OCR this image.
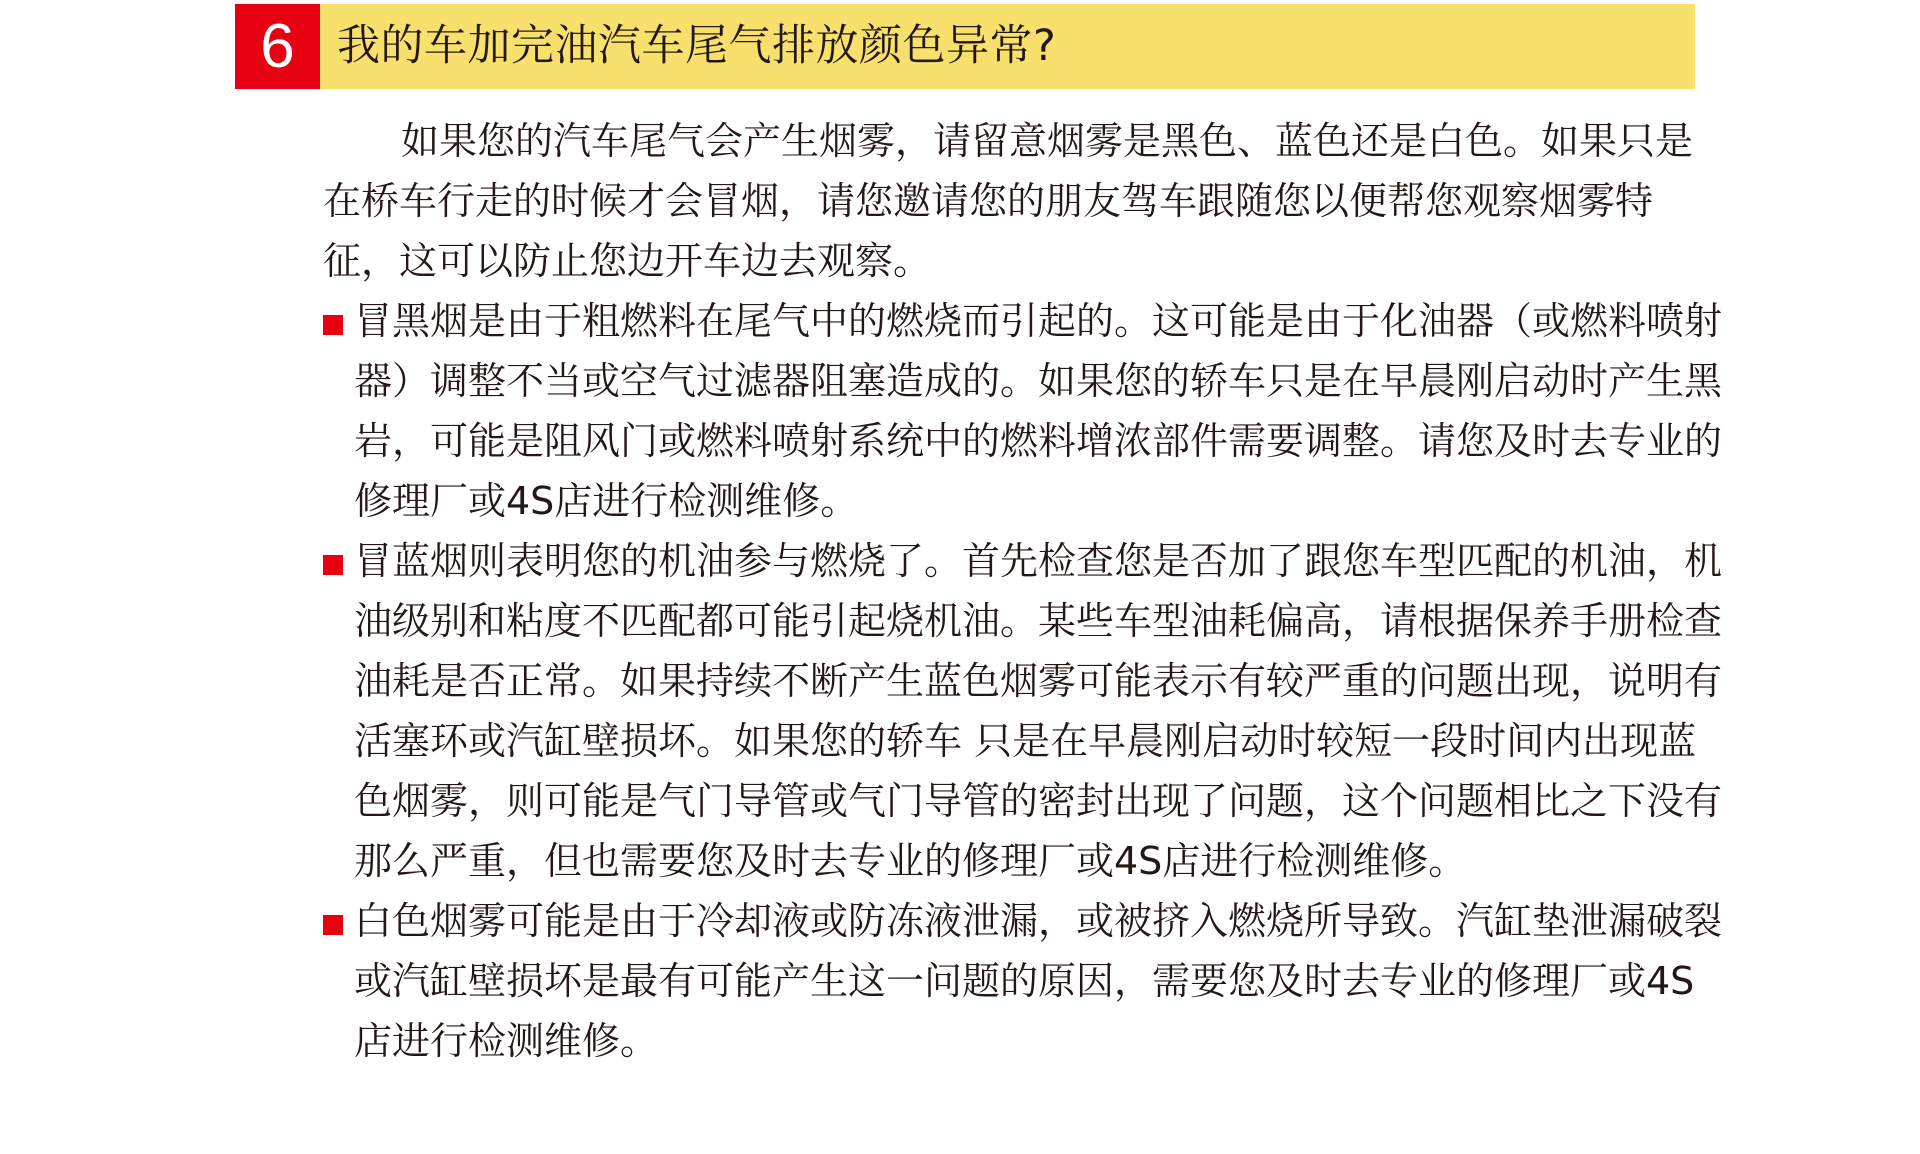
6 我的车加完油汽车尾气排放颜色异常?

如果您的汽车尾气会产生烟雾，请留意烟雾是黑色、蓝色还是白色。如果只是在桥车行走的时候才会冒烟，请您邀请您的朋友驾车跟随您以便帮您观察烟雾特征，这可以防止您边开车边去观察。

冒黑烟是由于粗燃料在尾气中的燃烧而引起的。这可能是由于化油器（或燃料喷射器）调整不当或空气过滤器阻塞造成的。如果您的轿车只是在早晨刚启动时产生黑岩，可能是阻风门或燃料喷射系统中的燃料增浓部件需要调整。请您及时去专业的修理厂或4S店进行检测维修。
冒蓝烟则表明您的机油参与燃烧了。首先检查您是否加了跟您车型匹配的机油，机油级别和粘度不匹配都可能引起烧机油。某些车型油耗偏高，请根据保养手册检查油耗是否正常。如果持续不断产生蓝色烟雾可能表示有较严重的问题出现，说明有活塞环或汽缸壁损坏。如果您的轿车 只是在早晨刚启动时较短一段时间内出现蓝色烟雾，则可能是气门导管或气门导管的密封出现了问题，这个问题相比之下没有那么严重，但也需要您及时去专业的修理厂或4S店进行检测维修。
白色烟雾可能是由于冷却液或防冻液泄漏，或被挤入燃烧所导致。汽缸垫泄漏破裂或汽缸壁损坏是最有可能产生这一问题的原因，需要您及时去专业的修理厂或4S店进行检测维修。
